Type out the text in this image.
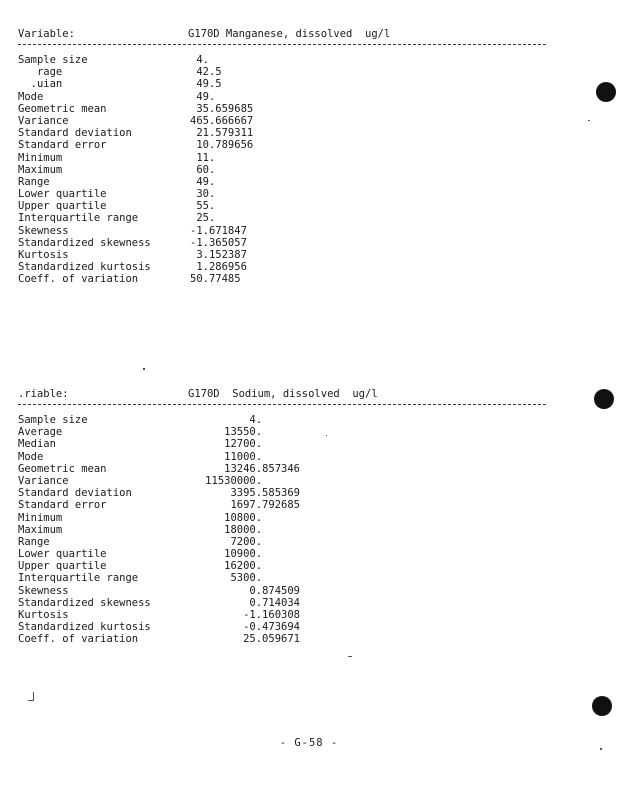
Variable:	G170D Manganese, dissolved  ug/l
Sample size	4.
rage	42.5
.uian	49.5
Mode	49.
Geometric mean	35.659685
Variance	465.666667
Standard deviation	21.579311
Standard error	10.789656
Minimum	11.
Maximum	60.
Range	49.
Lower quartile	30.
Upper quartile	55.
Interquartile range	25.
Skewness	-1.671847
Standardized skewness	-1.365057
Kurtosis	3.152387
Standardized kurtosis	1.286956
Coeff. of variation	50.77485
.riable:	G170D  Sodium, dissolved  ug/l
Sample size	4.
Average	13550.
Median	12700.
Mode	11000.
Geometric mean	13246.857346
Variance	11530000.
Standard deviation	3395.585369
Standard error	1697.792685
Minimum	10800.
Maximum	18000.
Range	7200.
Lower quartile	10900.
Upper quartile	16200.
Interquartile range	5300.
Skewness	0.874509
Standardized skewness	0.714034
Kurtosis	-1.160308
Standardized kurtosis	-0.473694
Coeff. of variation	25.059671
- G-58 -
